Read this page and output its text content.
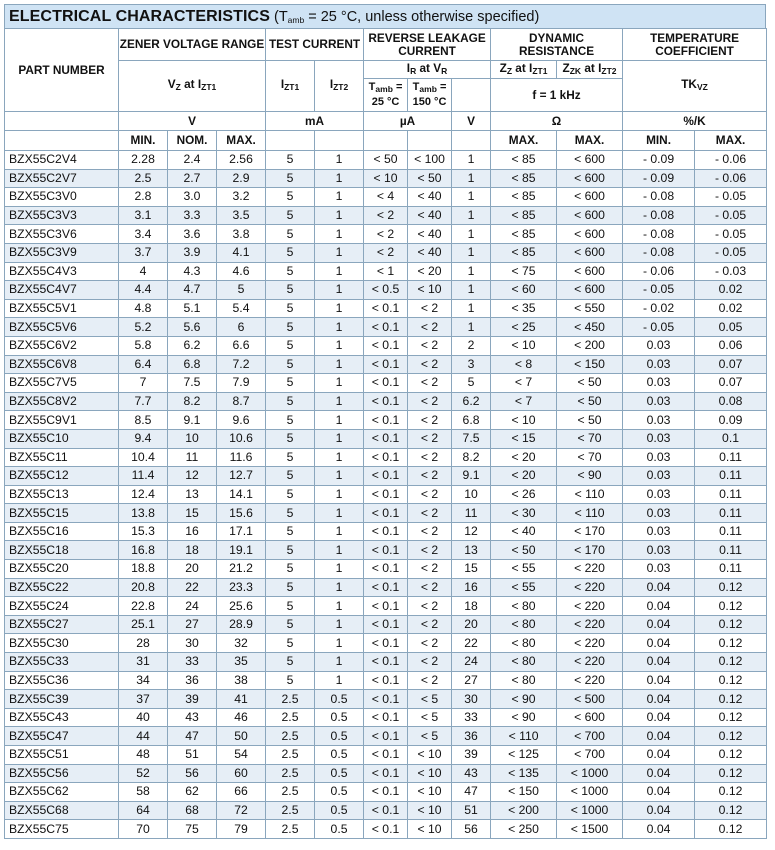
ELECTRICAL CHARACTERISTICS ($T_{amb} = 25$ °C, unless otherwise specified)
PART NUMBER	ZENER VOLTAGE RANGE			TEST CURRENT		REVERSE LEAKAGE CURRENT			DYNAMIC RESISTANCE		TEMPERATURE COEFFICIENT	
	$V_Z$ at $I_{ZT1}$			$I_{ZT1}$	$I_{ZT2}$	$I_R$ at $V_R$			$Z_Z$ at $I_{ZT1}$	$Z_{ZK}$ at $I_{ZT2}$	$TK_{VZ}$
						$T_{amb} = 25$ °C	$T_{amb} = 150$ °C		f = 1 kHz			
	V			mA		µA		V	Ω		%/K	
	MIN.	NOM.	MAX.						MAX.	MAX.	MIN.	MAX.
BZX55C2V4	2.28	2.4	2.56	5	1	< 50	< 100	1	< 85	< 600	- 0.09	- 0.06
BZX55C2V7	2.5	2.7	2.9	5	1	< 10	< 50	1	< 85	< 600	- 0.09	- 0.06
BZX55C3V0	2.8	3.0	3.2	5	1	< 4	< 40	1	< 85	< 600	- 0.08	- 0.05
BZX55C3V3	3.1	3.3	3.5	5	1	< 2	< 40	1	< 85	< 600	- 0.08	- 0.05
BZX55C3V6	3.4	3.6	3.8	5	1	< 2	< 40	1	< 85	< 600	- 0.08	- 0.05
BZX55C3V9	3.7	3.9	4.1	5	1	< 2	< 40	1	< 85	< 600	- 0.08	- 0.05
BZX55C4V3	4	4.3	4.6	5	1	< 1	< 20	1	< 75	< 600	- 0.06	- 0.03
BZX55C4V7	4.4	4.7	5	5	1	< 0.5	< 10	1	< 60	< 600	- 0.05	0.02
BZX55C5V1	4.8	5.1	5.4	5	1	< 0.1	< 2	1	< 35	< 550	- 0.02	0.02
BZX55C5V6	5.2	5.6	6	5	1	< 0.1	< 2	1	< 25	< 450	- 0.05	0.05
BZX55C6V2	5.8	6.2	6.6	5	1	< 0.1	< 2	2	< 10	< 200	0.03	0.06
BZX55C6V8	6.4	6.8	7.2	5	1	< 0.1	< 2	3	< 8	< 150	0.03	0.07
BZX55C7V5	7	7.5	7.9	5	1	< 0.1	< 2	5	< 7	< 50	0.03	0.07
BZX55C8V2	7.7	8.2	8.7	5	1	< 0.1	< 2	6.2	< 7	< 50	0.03	0.08
BZX55C9V1	8.5	9.1	9.6	5	1	< 0.1	< 2	6.8	< 10	< 50	0.03	0.09
BZX55C10	9.4	10	10.6	5	1	< 0.1	< 2	7.5	< 15	< 70	0.03	0.1
BZX55C11	10.4	11	11.6	5	1	< 0.1	< 2	8.2	< 20	< 70	0.03	0.11
BZX55C12	11.4	12	12.7	5	1	< 0.1	< 2	9.1	< 20	< 90	0.03	0.11
BZX55C13	12.4	13	14.1	5	1	< 0.1	< 2	10	< 26	< 110	0.03	0.11
BZX55C15	13.8	15	15.6	5	1	< 0.1	< 2	11	< 30	< 110	0.03	0.11
BZX55C16	15.3	16	17.1	5	1	< 0.1	< 2	12	< 40	< 170	0.03	0.11
BZX55C18	16.8	18	19.1	5	1	< 0.1	< 2	13	< 50	< 170	0.03	0.11
BZX55C20	18.8	20	21.2	5	1	< 0.1	< 2	15	< 55	< 220	0.03	0.11
BZX55C22	20.8	22	23.3	5	1	< 0.1	< 2	16	< 55	< 220	0.04	0.12
BZX55C24	22.8	24	25.6	5	1	< 0.1	< 2	18	< 80	< 220	0.04	0.12
BZX55C27	25.1	27	28.9	5	1	< 0.1	< 2	20	< 80	< 220	0.04	0.12
BZX55C30	28	30	32	5	1	< 0.1	< 2	22	< 80	< 220	0.04	0.12
BZX55C33	31	33	35	5	1	< 0.1	< 2	24	< 80	< 220	0.04	0.12
BZX55C36	34	36	38	5	1	< 0.1	< 2	27	< 80	< 220	0.04	0.12
BZX55C39	37	39	41	2.5	0.5	< 0.1	< 5	30	< 90	< 500	0.04	0.12
BZX55C43	40	43	46	2.5	0.5	< 0.1	< 5	33	< 90	< 600	0.04	0.12
BZX55C47	44	47	50	2.5	0.5	< 0.1	< 5	36	< 110	< 700	0.04	0.12
BZX55C51	48	51	54	2.5	0.5	< 0.1	< 10	39	< 125	< 700	0.04	0.12
BZX55C56	52	56	60	2.5	0.5	< 0.1	< 10	43	< 135	< 1000	0.04	0.12
BZX55C62	58	62	66	2.5	0.5	< 0.1	< 10	47	< 150	< 1000	0.04	0.12
BZX55C68	64	68	72	2.5	0.5	< 0.1	< 10	51	< 200	< 1000	0.04	0.12
BZX55C75	70	75	79	2.5	0.5	< 0.1	< 10	56	< 250	< 1500	0.04	0.12
